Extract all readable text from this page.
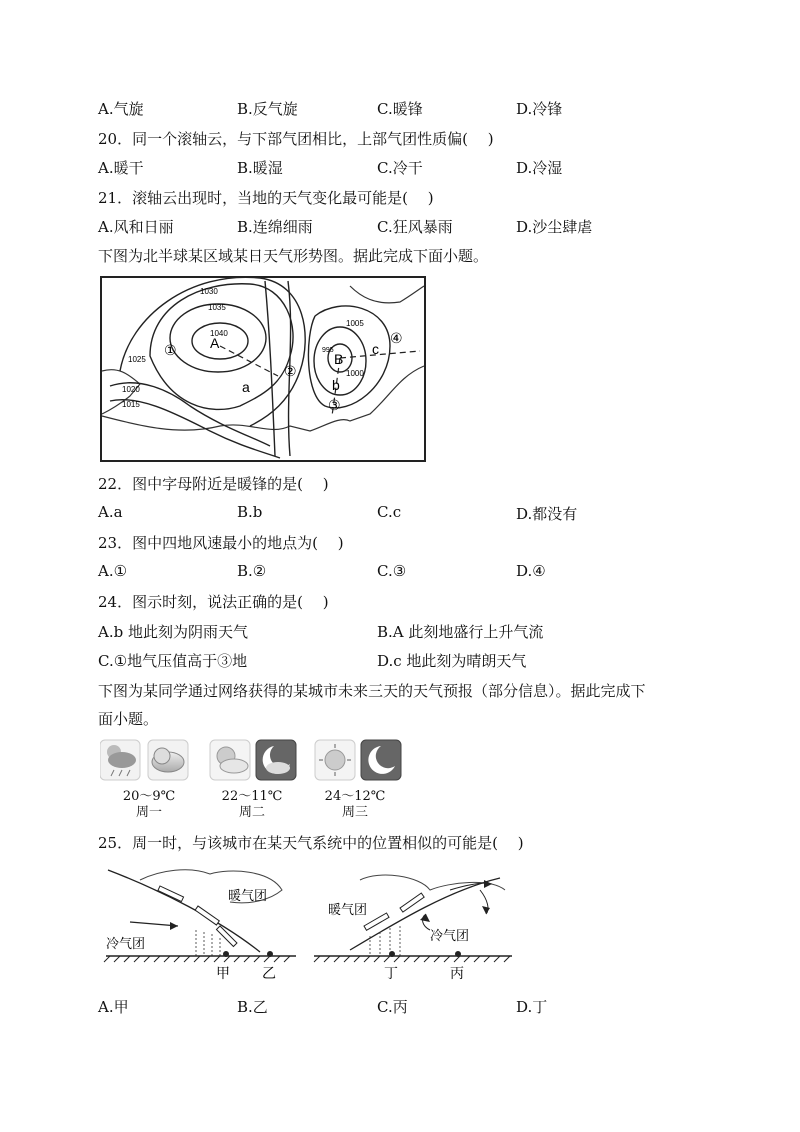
A.气旋	B.反气旋	C.暖锋	D.冷锋
20．同一个滚轴云，与下部气团相比，上部气团性质偏(　 )
A.暖干	B.暖湿	C.冷干	D.冷湿
21．滚轴云出现时，当地的天气变化最可能是(　 )
A.风和日丽	B.连绵细雨	C.狂风暴雨	D.沙尘肆虐
下图为北半球某区域某日天气形势图。据此完成下面小题。
1030
1035
1040
1025
1020
1015
1005
995
1000
A
B
a	b
c
①
②
③
④
22．图中字母附近是暖锋的是(　 )
A.a	B.b	C.c	D.都没有
23．图中四地风速最小的地点为(　 )
A.①	B.②	C.③	D.④
24．图示时刻，说法正确的是(　 )
A.b 地此刻为阴雨天气	B.A 此刻地盛行上升气流
C.①地气压值高于③地	D.c 地此刻为晴朗天气
下图为某同学通过网络获得的某城市未来三天的天气预报（部分信息）。据此完成下
面小题。
20～9℃
周一
22～11℃
周二
24～12℃
周三
25．周一时，与该城市在某天气系统中的位置相似的可能是(　 )
暖气团
冷气团
甲 乙
暖气团
冷气团
丁	丙
A.甲	B.乙	C.丙	D.丁
